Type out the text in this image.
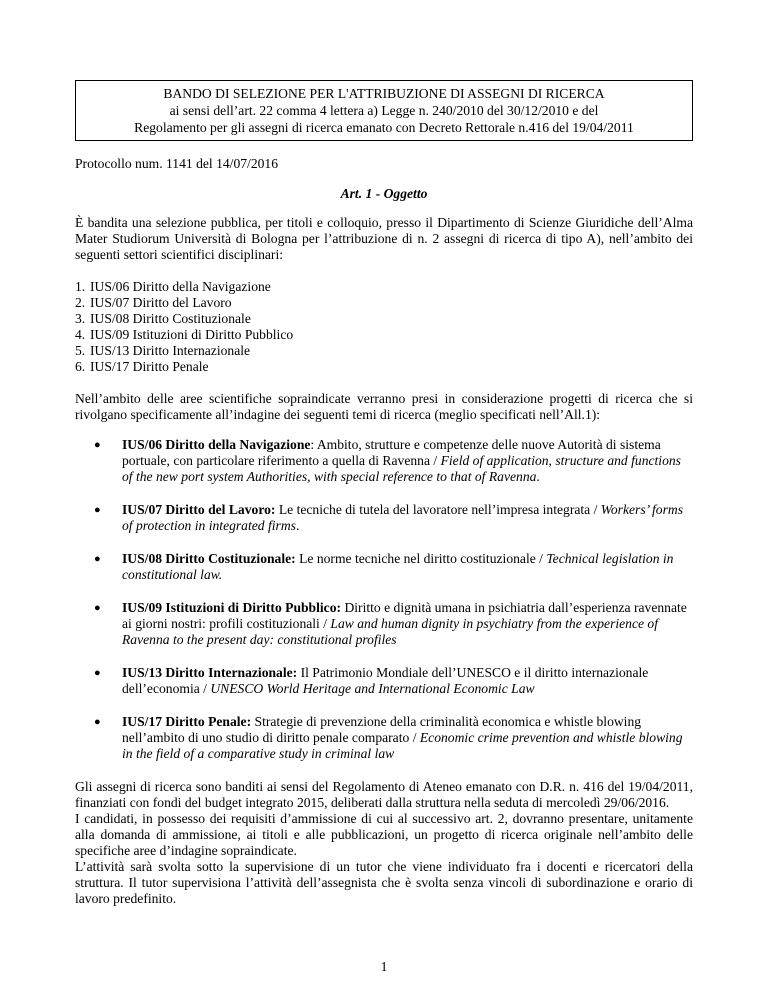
BANDO DI SELEZIONE PER L'ATTRIBUZIONE DI ASSEGNI DI RICERCA
ai sensi dell’art. 22 comma 4 lettera a) Legge n. 240/2010 del 30/12/2010 e del
Regolamento per gli assegni di ricerca emanato con Decreto Rettorale n.416 del 19/04/2011
Protocollo num. 1141 del 14/07/2016
Art. 1 - Oggetto

È bandita una selezione pubblica, per titoli e colloquio, presso il Dipartimento di Scienze Giuridiche dell’Alma Mater Studiorum Università di Bologna per l’attribuzione di n. 2 assegni di ricerca di tipo A), nell’ambito dei seguenti settori scientifici disciplinari:

1. IUS/06 Diritto della Navigazione
2. IUS/07 Diritto del Lavoro
3. IUS/08 Diritto Costituzionale
4. IUS/09 Istituzioni di Diritto Pubblico
5. IUS/13 Diritto Internazionale
6. IUS/17 Diritto Penale

Nell’ambito delle aree scientifiche sopraindicate verranno presi in considerazione progetti di ricerca che si rivolgano specificamente all’indagine dei seguenti temi di ricerca (meglio specificati nell’All.1):

● IUS/06 Diritto della Navigazione: Ambito, strutture e competenze delle nuove Autorità di sistema portuale, con particolare riferimento a quella di Ravenna / Field of application, structure and functions of the new port system Authorities, with special reference to that of Ravenna.
● IUS/07 Diritto del Lavoro: Le tecniche di tutela del lavoratore nell’impresa integrata / Workers’ forms of protection in integrated firms.
● IUS/08 Diritto Costituzionale: Le norme tecniche nel diritto costituzionale / Technical legislation in constitutional law.
● IUS/09 Istituzioni di Diritto Pubblico: Diritto e dignità umana in psichiatria dall’esperienza ravennate ai giorni nostri: profili costituzionali / Law and human dignity in psychiatry from the experience of Ravenna to the present day: constitutional profiles
● IUS/13 Diritto Internazionale: Il Patrimonio Mondiale dell’UNESCO e il diritto internazionale dell’economia / UNESCO World Heritage and International Economic Law
● IUS/17 Diritto Penale: Strategie di prevenzione della criminalità economica e whistle blowing nell’ambito di uno studio di diritto penale comparato / Economic crime prevention and whistle blowing in the field of a comparative study in criminal law

Gli assegni di ricerca sono banditi ai sensi del Regolamento di Ateneo emanato con D.R. n. 416 del 19/04/2011, finanziati con fondi del budget integrato 2015, deliberati dalla struttura nella seduta di mercoledì 29/06/2016.

I candidati, in possesso dei requisiti d’ammissione di cui al successivo art. 2, dovranno presentare, unitamente alla domanda di ammissione, ai titoli e alle pubblicazioni, un progetto di ricerca originale nell’ambito delle specifiche aree d’indagine sopraindicate.

L’attività sarà svolta sotto la supervisione di un tutor che viene individuato fra i docenti e ricercatori della struttura. Il tutor supervisiona l’attività dell’assegnista che è svolta senza vincoli di subordinazione e orario di lavoro predefinito.

1
